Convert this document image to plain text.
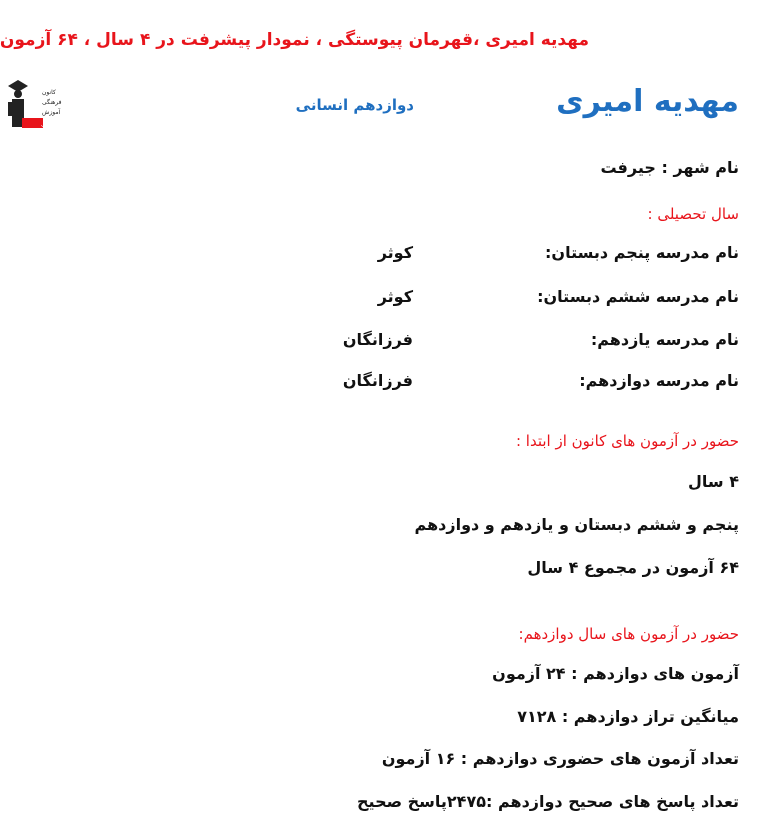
مهدیه امیری ،قهرمان پیوستگی ، نمودار پیشرفت در ۴ سال ، ۶۴ آزمون
کانون
فرهنگی
آموزش
قلم‌چی
مهدیه امیری
دوازدهم انسانی
نام شهر : جیرفت
سال تحصیلی :
نام مدرسه پنجم دبستان:
کوثر
نام مدرسه ششم دبستان:
کوثر
نام مدرسه یازدهم:
فرزانگان
نام مدرسه دوازدهم:
فرزانگان
حضور در آزمون های کانون از ابتدا :
۴ سال
پنجم و ششم دبستان و یازدهم و دوازدهم
۶۴ آزمون در مجموع ۴ سال
حضور در آزمون های سال دوازدهم:
آزمون های دوازدهم : ۲۴ آزمون
میانگین تراز دوازدهم : ۷۱۲۸
تعداد آزمون های حضوری دوازدهم : ۱۶ آزمون
تعداد پاسخ های صحیح دوازدهم :۲۴۷۵پاسخ صحیح
